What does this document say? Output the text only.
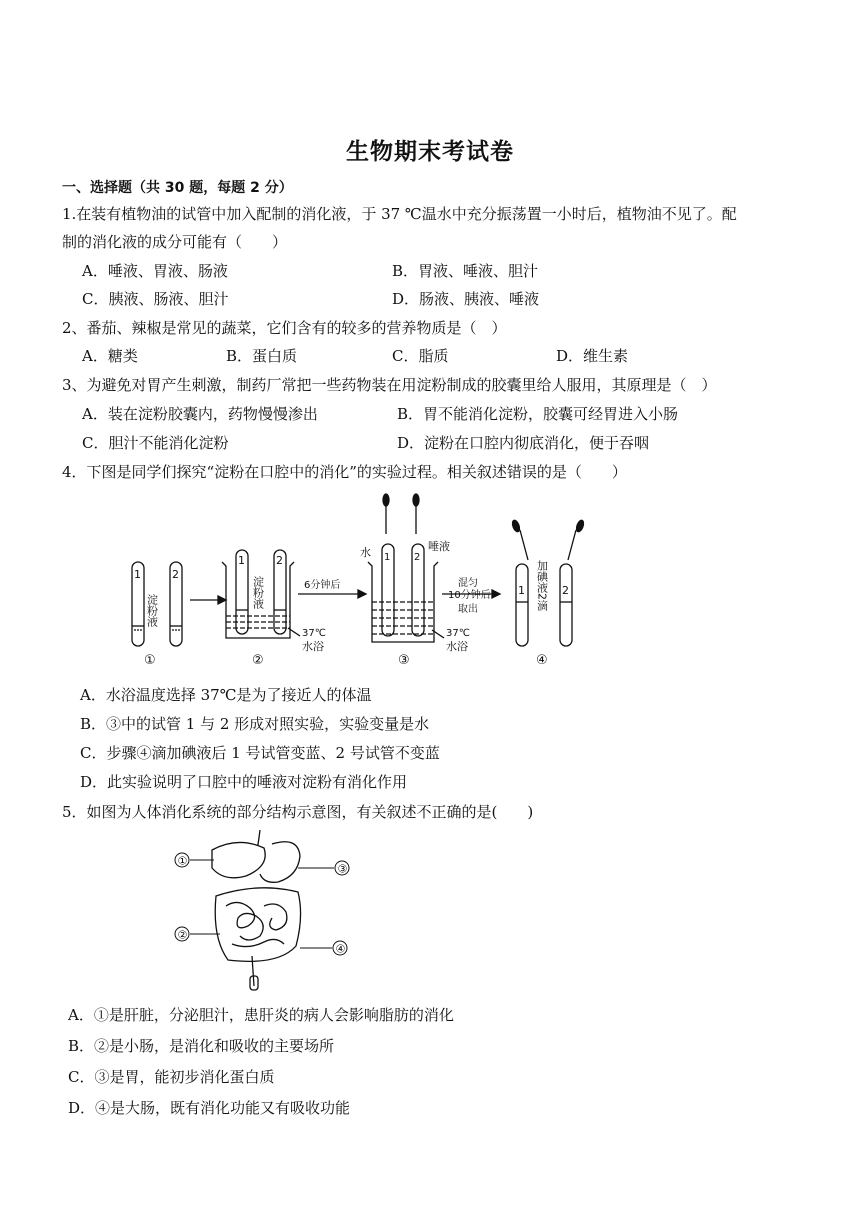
生物期末考试卷
一、选择题（共 30 题，每题 2 分）
1.在装有植物油的试管中加入配制的消化液，于 37 ℃温水中充分振荡置一小时后，植物油不见了。配
制的消化液的成分可能有（　　）
A．唾液、胃液、肠液	B．胃液、唾液、胆汁
C．胰液、肠液、胆汁	D．肠液、胰液、唾液
2、番茄、辣椒是常见的蔬菜，它们含有的较多的营养物质是（　）
A．糖类	B．蛋白质	C．脂质	D．维生素
3、为避免对胃产生刺激，制药厂常把一些药物装在用淀粉制成的胶囊里给人服用，其原理是（　）
A．装在淀粉胶囊内，药物慢慢渗出	B．胃不能消化淀粉，胶囊可经胃进入小肠
C．胆汁不能消化淀粉	D．淀粉在口腔内彻底消化，便于吞咽
4．下图是同学们探究“淀粉在口腔中的消化”的实验过程。相关叙述错误的是（　　）
1	2
淀粉液
①
1	2
淀粉液	6分钟后
37℃
水浴
②
水	唾液
1 2
37℃
水浴
③
混匀
10分钟后
取出
1	2
加碘液2滴
④
A．水浴温度选择 37℃是为了接近人的体温
B．③中的试管 1 与 2 形成对照实验，实验变量是水
C．步骤④滴加碘液后 1 号试管变蓝、2 号试管不变蓝
D．此实验说明了口腔中的唾液对淀粉有消化作用
5．如图为人体消化系统的部分结构示意图，有关叙述不正确的是(　　)
①
②
③
④
A．①是肝脏，分泌胆汁，患肝炎的病人会影响脂肪的消化
B．②是小肠，是消化和吸收的主要场所
C．③是胃，能初步消化蛋白质
D．④是大肠，既有消化功能又有吸收功能
